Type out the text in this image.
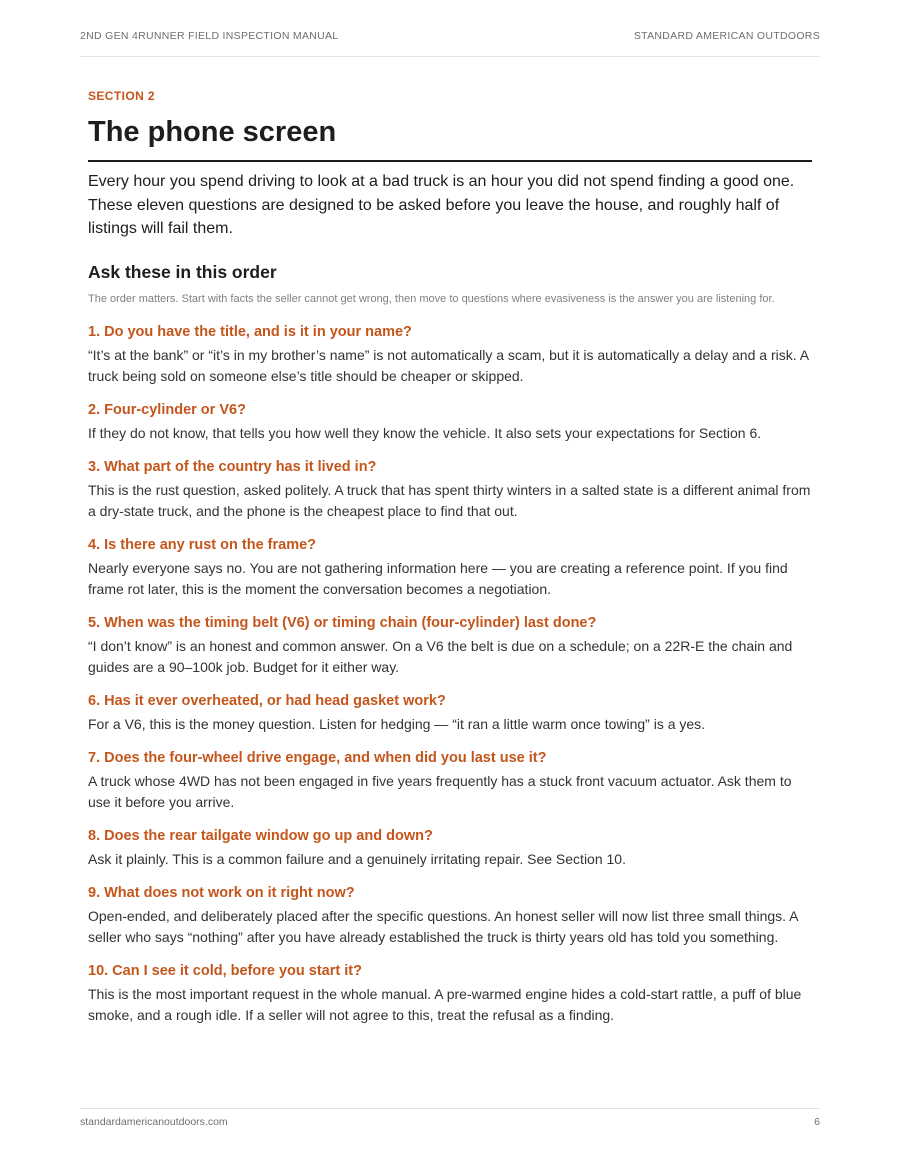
2ND GEN 4RUNNER FIELD INSPECTION MANUAL	STANDARD AMERICAN OUTDOORS

SECTION 2

The phone screen

Every hour you spend driving to look at a bad truck is an hour you did not spend finding a good one. These eleven questions are designed to be asked before you leave the house, and roughly half of listings will fail them.

Ask these in this order

The order matters. Start with facts the seller cannot get wrong, then move to questions where evasiveness is the answer you are listening for.

1. Do you have the title, and is it in your name?

“It’s at the bank” or “it’s in my brother’s name” is not automatically a scam, but it is automatically a delay and a risk. A truck being sold on someone else’s title should be cheaper or skipped.

2. Four-cylinder or V6?

If they do not know, that tells you how well they know the vehicle. It also sets your expectations for Section 6.

3. What part of the country has it lived in?

This is the rust question, asked politely. A truck that has spent thirty winters in a salted state is a different animal from a dry-state truck, and the phone is the cheapest place to find that out.

4. Is there any rust on the frame?

Nearly everyone says no. You are not gathering information here — you are creating a reference point. If you find frame rot later, this is the moment the conversation becomes a negotiation.

5. When was the timing belt (V6) or timing chain (four-cylinder) last done?

“I don’t know” is an honest and common answer. On a V6 the belt is due on a schedule; on a 22R-E the chain and guides are a 90–100k job. Budget for it either way.

6. Has it ever overheated, or had head gasket work?

For a V6, this is the money question. Listen for hedging — “it ran a little warm once towing” is a yes.

7. Does the four-wheel drive engage, and when did you last use it?

A truck whose 4WD has not been engaged in five years frequently has a stuck front vacuum actuator. Ask them to use it before you arrive.

8. Does the rear tailgate window go up and down?

Ask it plainly. This is a common failure and a genuinely irritating repair. See Section 10.

9. What does not work on it right now?

Open-ended, and deliberately placed after the specific questions. An honest seller will now list three small things. A seller who says “nothing” after you have already established the truck is thirty years old has told you something.

10. Can I see it cold, before you start it?

This is the most important request in the whole manual. A pre-warmed engine hides a cold-start rattle, a puff of blue smoke, and a rough idle. If a seller will not agree to this, treat the refusal as a finding.

standardamericanoutdoors.com	6
